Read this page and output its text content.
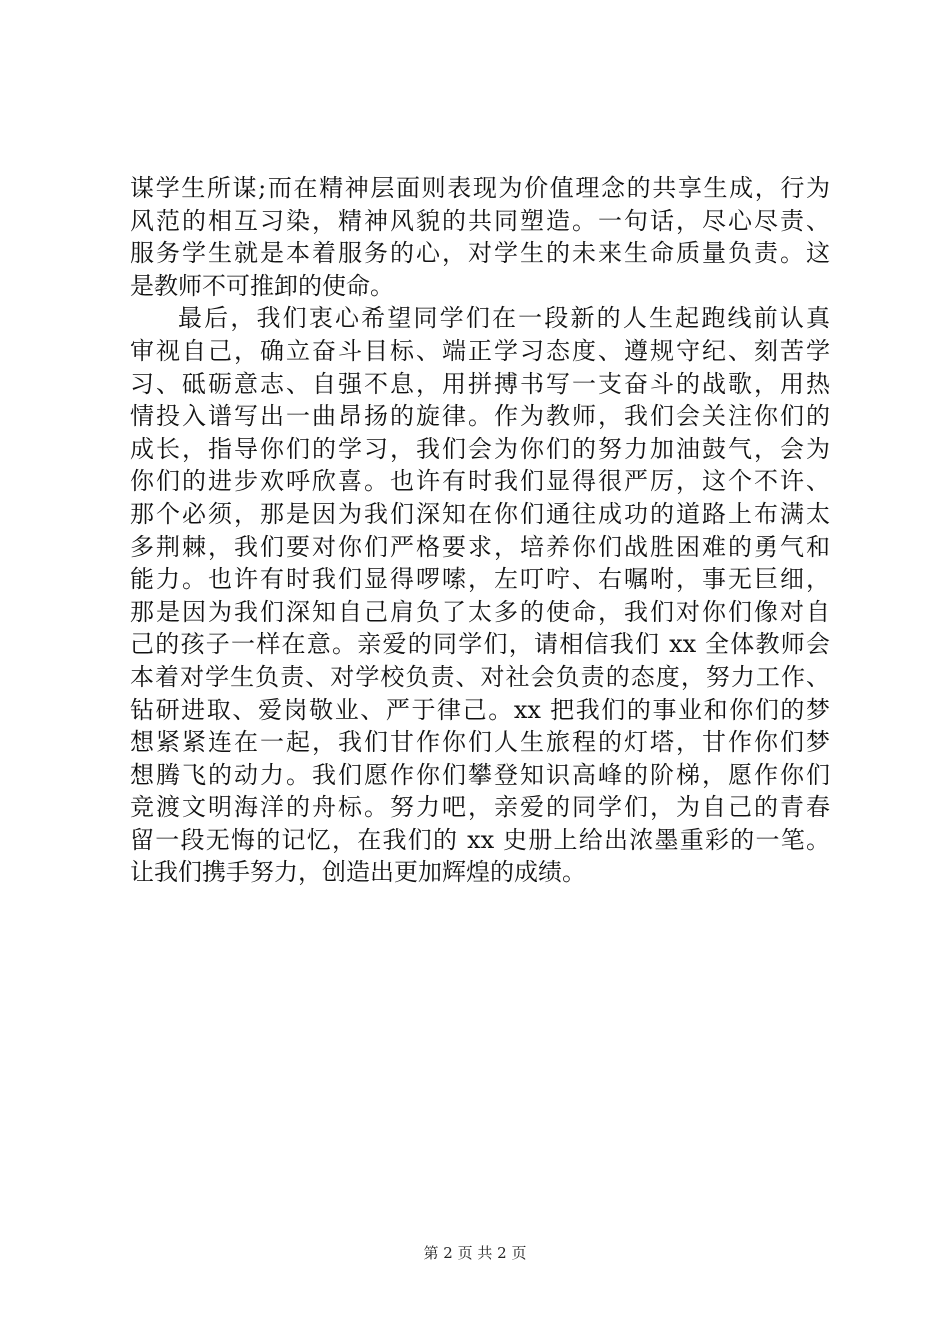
谋学生所谋;而在精神层面则表现为价值理念的共享生成，行为
风范的相互习染，精神风貌的共同塑造。一句话，尽心尽责、
服务学生就是本着服务的心，对学生的未来生命质量负责。这
是教师不可推卸的使命。
最后，我们衷心希望同学们在一段新的人生起跑线前认真
审视自己，确立奋斗目标、端正学习态度、遵规守纪、刻苦学
习、砥砺意志、自强不息，用拼搏书写一支奋斗的战歌，用热
情投入谱写出一曲昂扬的旋律。作为教师，我们会关注你们的
成长，指导你们的学习，我们会为你们的努力加油鼓气，会为
你们的进步欢呼欣喜。也许有时我们显得很严厉，这个不许、
那个必须，那是因为我们深知在你们通往成功的道路上布满太
多荆棘，我们要对你们严格要求，培养你们战胜困难的勇气和
能力。也许有时我们显得啰嗦，左叮咛、右嘱咐，事无巨细，
那是因为我们深知自己肩负了太多的使命，我们对你们像对自
己的孩子一样在意。亲爱的同学们，请相信我们 xx 全体教师会
本着对学生负责、对学校负责、对社会负责的态度，努力工作、
钻研进取、爱岗敬业、严于律己。xx 把我们的事业和你们的梦
想紧紧连在一起，我们甘作你们人生旅程的灯塔，甘作你们梦
想腾飞的动力。我们愿作你们攀登知识高峰的阶梯，愿作你们
竞渡文明海洋的舟标。努力吧，亲爱的同学们，为自己的青春
留一段无悔的记忆，在我们的 xx 史册上给出浓墨重彩的一笔。
让我们携手努力，创造出更加辉煌的成绩。
第 2 页 共 2 页
